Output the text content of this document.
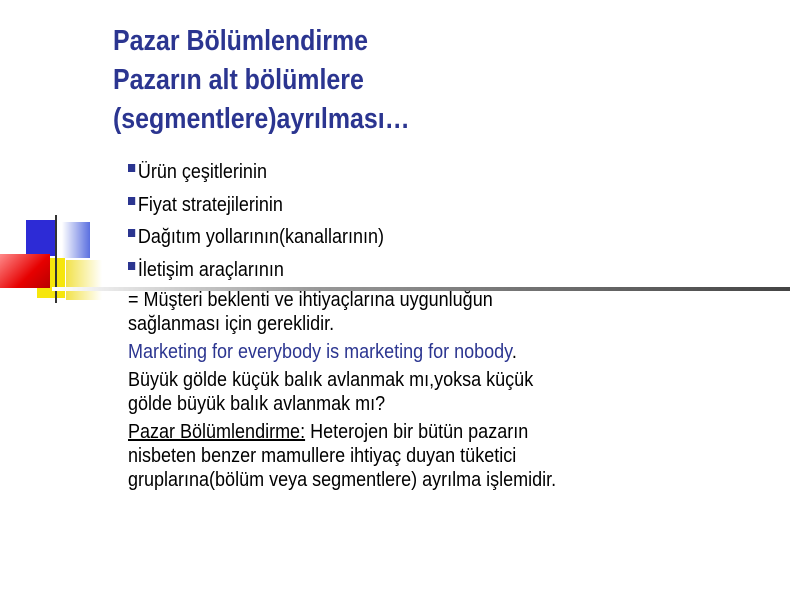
Pazar Bölümlendirme
Pazarın alt bölümlere
(segmentlere)ayrılması…
Ürün çeşitlerinin
Fiyat stratejilerinin
Dağıtım yollarının(kanallarının)
İletişim araçlarının
= Müşteri beklenti ve ihtiyaçlarına uygunluğun
sağlanması için gereklidir.
Marketing for everybody is marketing for nobody.
Büyük gölde küçük balık avlanmak mı,yoksa küçük
gölde büyük balık avlanmak mı?
Pazar Bölümlendirme: Heterojen bir bütün pazarın
nisbeten benzer mamullere ihtiyaç duyan tüketici
gruplarına(bölüm veya segmentlere) ayrılma işlemidir.
